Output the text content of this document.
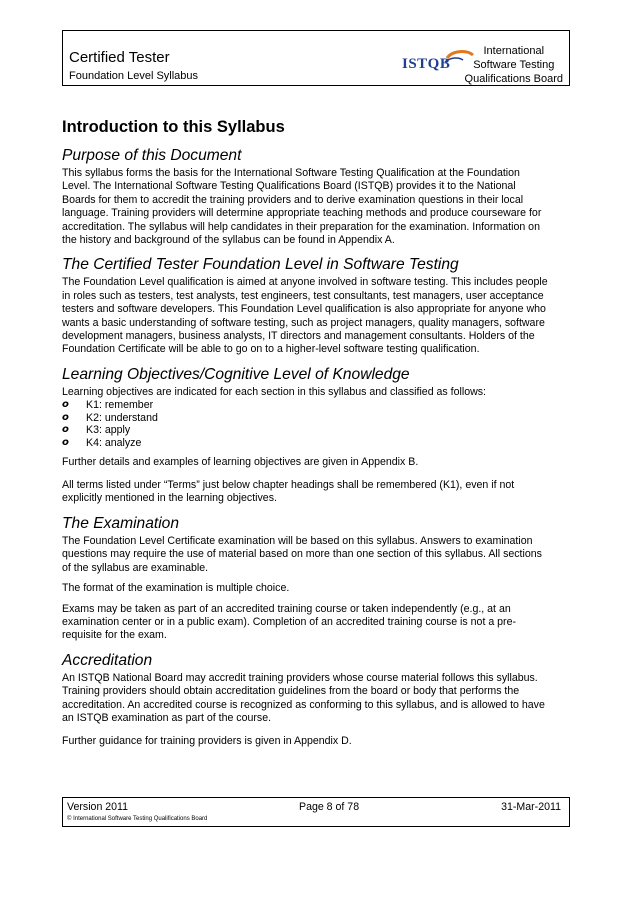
Certified Tester
Foundation Level Syllabus
ISTQB
International
Software Testing
Qualifications Board
Introduction to this Syllabus
Purpose of this Document

This syllabus forms the basis for the International Software Testing Qualification at the Foundation Level. The International Software Testing Qualifications Board (ISTQB) provides it to the National Boards for them to accredit the training providers and to derive examination questions in their local language. Training providers will determine appropriate teaching methods and produce courseware for accreditation. The syllabus will help candidates in their preparation for the examination. Information on the history and background of the syllabus can be found in Appendix A.

The Certified Tester Foundation Level in Software Testing

The Foundation Level qualification is aimed at anyone involved in software testing. This includes people in roles such as testers, test analysts, test engineers, test consultants, test managers, user acceptance testers and software developers. This Foundation Level qualification is also appropriate for anyone who wants a basic understanding of software testing, such as project managers, quality managers, software development managers, business analysts, IT directors and management consultants. Holders of the Foundation Certificate will be able to go on to a higher-level software testing qualification.

Learning Objectives/Cognitive Level of Knowledge

Learning objectives are indicated for each section in this syllabus and classified as follows:

o	K1: remember
o	K2: understand
o	K3: apply
o	K4: analyze

Further details and examples of learning objectives are given in Appendix B.

All terms listed under “Terms” just below chapter headings shall be remembered (K1), even if not explicitly mentioned in the learning objectives.

The Examination

The Foundation Level Certificate examination will be based on this syllabus. Answers to examination questions may require the use of material based on more than one section of this syllabus. All sections of the syllabus are examinable.

The format of the examination is multiple choice.

Exams may be taken as part of an accredited training course or taken independently (e.g., at an examination center or in a public exam). Completion of an accredited training course is not a pre-requisite for the exam.

Accreditation

An ISTQB National Board may accredit training providers whose course material follows this syllabus. Training providers should obtain accreditation guidelines from the board or body that performs the accreditation. An accredited course is recognized as conforming to this syllabus, and is allowed to have an ISTQB examination as part of the course.

Further guidance for training providers is given in Appendix D.

Version 2011	Page 8 of 78	31-Mar-2011
© International Software Testing Qualifications Board
